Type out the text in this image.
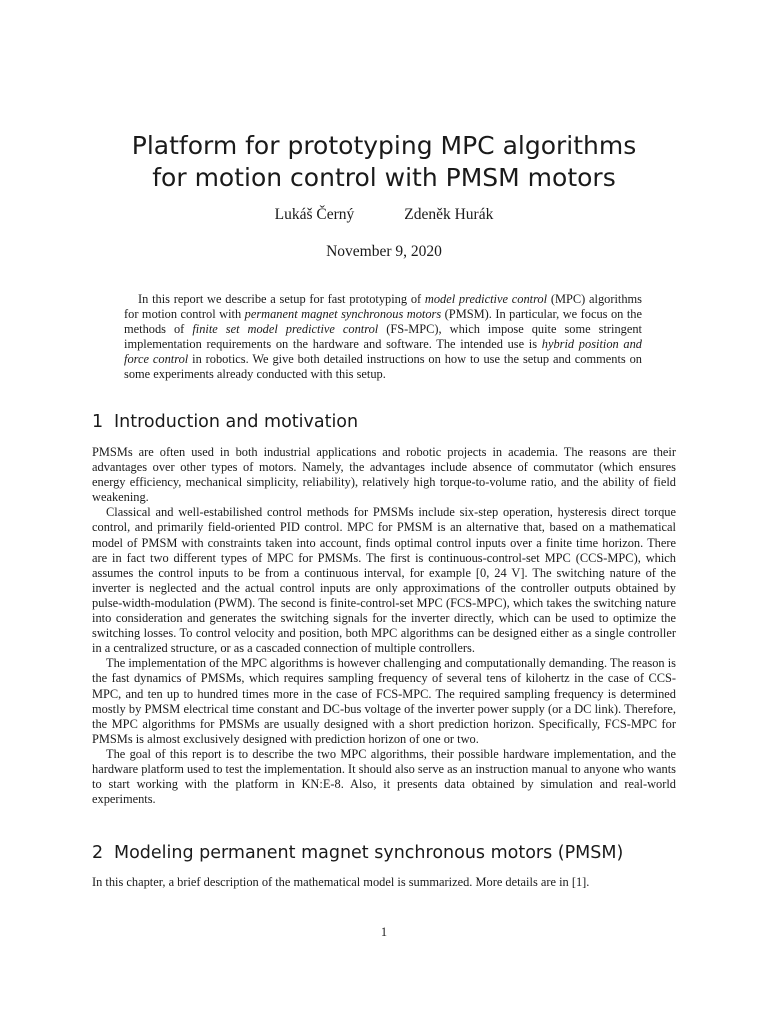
Platform for prototyping MPC algorithms
for motion control with PMSM motors
Lukáš Černý	Zdeněk Hurák
November 9, 2020

In this report we describe a setup for fast prototyping of model predictive control (MPC) algorithms for motion control with permanent magnet synchronous motors (PMSM). In particular, we focus on the methods of finite set model predictive control (FS-MPC), which impose quite some stringent implementation requirements on the hardware and software. The intended use is hybrid position and force control in robotics. We give both detailed instructions on how to use the setup and comments on some experiments already conducted with this setup.

1 Introduction and motivation

PMSMs are often used in both industrial applications and robotic projects in academia. The reasons are their advantages over other types of motors. Namely, the advantages include absence of commutator (which ensures energy efficiency, mechanical simplicity, reliability), relatively high torque-to-volume ratio, and the ability of field weakening.

Classical and well-estabilished control methods for PMSMs include six-step operation, hysteresis direct torque control, and primarily field-oriented PID control. MPC for PMSM is an alternative that, based on a mathematical model of PMSM with constraints taken into account, finds optimal control inputs over a finite time horizon. There are in fact two different types of MPC for PMSMs. The first is continuous-control-set MPC (CCS-MPC), which assumes the control inputs to be from a continuous interval, for example [0, 24 V]. The switching nature of the inverter is neglected and the actual control inputs are only approximations of the controller outputs obtained by pulse-width-modulation (PWM). The second is finite-control-set MPC (FCS-MPC), which takes the switching nature into consideration and generates the switching signals for the inverter directly, which can be used to optimize the switching losses. To control velocity and position, both MPC algorithms can be designed either as a single controller in a centralized structure, or as a cascaded connection of multiple controllers.

The implementation of the MPC algorithms is however challenging and computationally demanding. The reason is the fast dynamics of PMSMs, which requires sampling frequency of several tens of kilohertz in the case of CCS-MPC, and ten up to hundred times more in the case of FCS-MPC. The required sampling frequency is determined mostly by PMSM electrical time constant and DC-bus voltage of the inverter power supply (or a DC link). Therefore, the MPC algorithms for PMSMs are usually designed with a short prediction horizon. Specifically, FCS-MPC for PMSMs is almost exclusively designed with prediction horizon of one or two.

The goal of this report is to describe the two MPC algorithms, their possible hardware implementation, and the hardware platform used to test the implementation. It should also serve as an instruction manual to anyone who wants to start working with the platform in KN:E-8. Also, it presents data obtained by simulation and real-world experiments.

2 Modeling permanent magnet synchronous motors (PMSM)

In this chapter, a brief description of the mathematical model is summarized. More details are in [1].

1
